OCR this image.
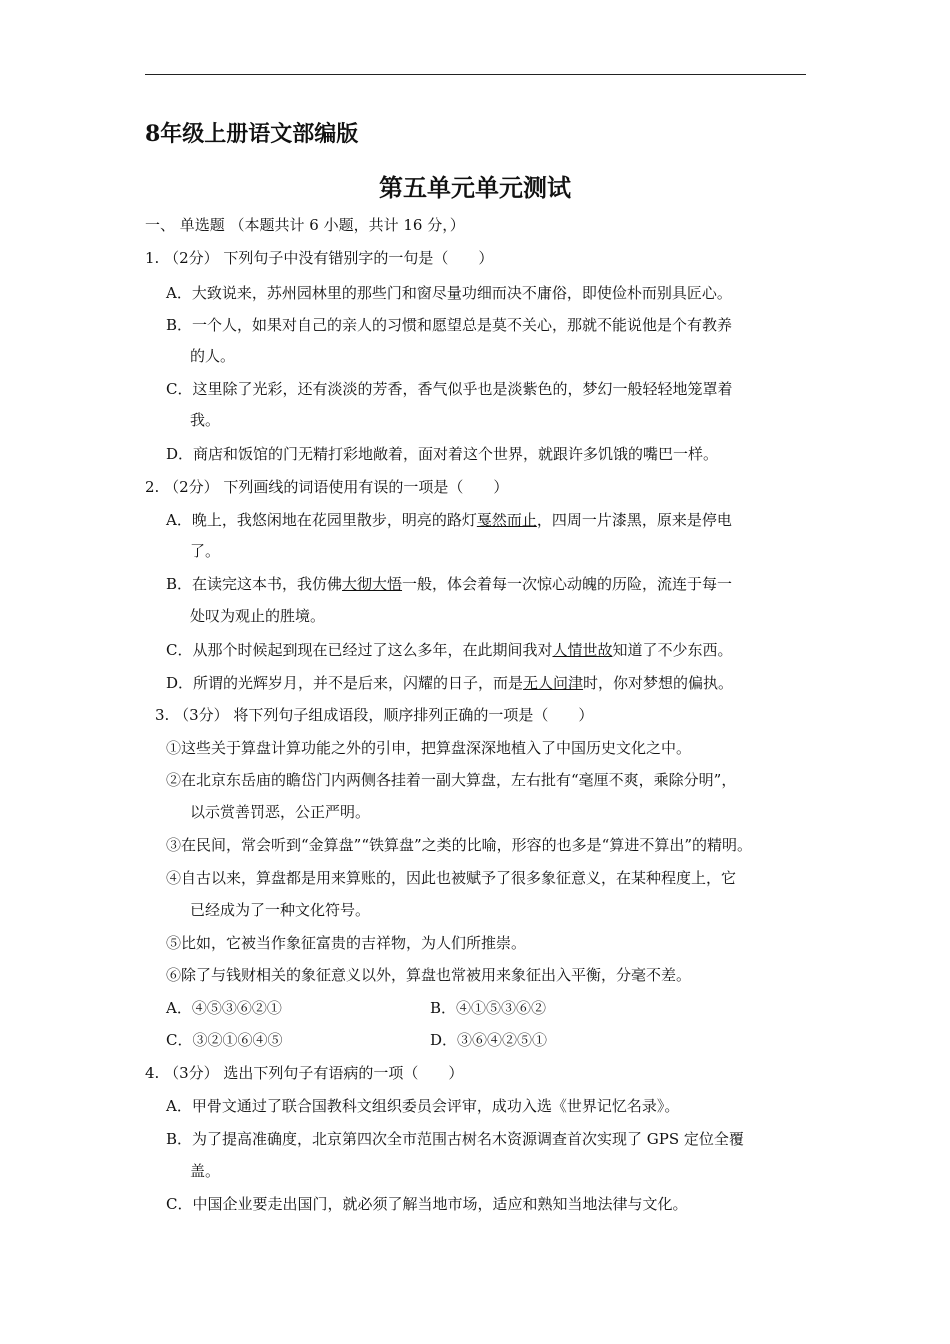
8年级上册语文部编版
第五单元单元测试
一、 单选题 （本题共计 6 小题，共计 16 分，）
1. （2分） 下列句子中没有错别字的一句是（　　）
A．大致说来，苏州园林里的那些门和窗尽量功细而决不庸俗，即使俭朴而别具匠心。
B．一个人，如果对自己的亲人的习惯和愿望总是莫不关心，那就不能说他是个有教养
的人。
C．这里除了光彩，还有淡淡的芳香，香气似乎也是淡紫色的，梦幻一般轻轻地笼罩着
我。
D．商店和饭馆的门无精打彩地敞着，面对着这个世界，就跟许多饥饿的嘴巴一样。
2. （2分） 下列画线的词语使用有误的一项是（　　）
A．晚上，我悠闲地在花园里散步，明亮的路灯戛然而止，四周一片漆黑，原来是停电
了。
B．在读完这本书，我仿佛大彻大悟一般，体会着每一次惊心动魄的历险，流连于每一
处叹为观止的胜境。
C．从那个时候起到现在已经过了这么多年，在此期间我对人情世故知道了不少东西。
D．所谓的光辉岁月，并不是后来，闪耀的日子，而是无人问津时，你对梦想的偏执。
3. （3分） 将下列句子组成语段，顺序排列正确的一项是（　　）
①这些关于算盘计算功能之外的引申，把算盘深深地植入了中国历史文化之中。
②在北京东岳庙的瞻岱门内两侧各挂着一副大算盘，左右批有“毫厘不爽，乘除分明”，
以示赏善罚恶，公正严明。
③在民间，常会听到“金算盘”“铁算盘”之类的比喻，形容的也多是“算进不算出”的精明。
④自古以来，算盘都是用来算账的，因此也被赋予了很多象征意义，在某种程度上，它
已经成为了一种文化符号。
⑤比如，它被当作象征富贵的吉祥物，为人们所推崇。
⑥除了与钱财相关的象征意义以外，算盘也常被用来象征出入平衡，分毫不差。
A．④⑤③⑥②①	B．④①⑤③⑥②
C．③②①⑥④⑤	D．③⑥④②⑤①
4. （3分） 选出下列句子有语病的一项（　　）
A．甲骨文通过了联合国教科文组织委员会评审，成功入选《世界记忆名录》。
B．为了提高准确度，北京第四次全市范围古树名木资源调查首次实现了 GPS 定位全覆
盖。
C．中国企业要走出国门，就必须了解当地市场，适应和熟知当地法律与文化。
